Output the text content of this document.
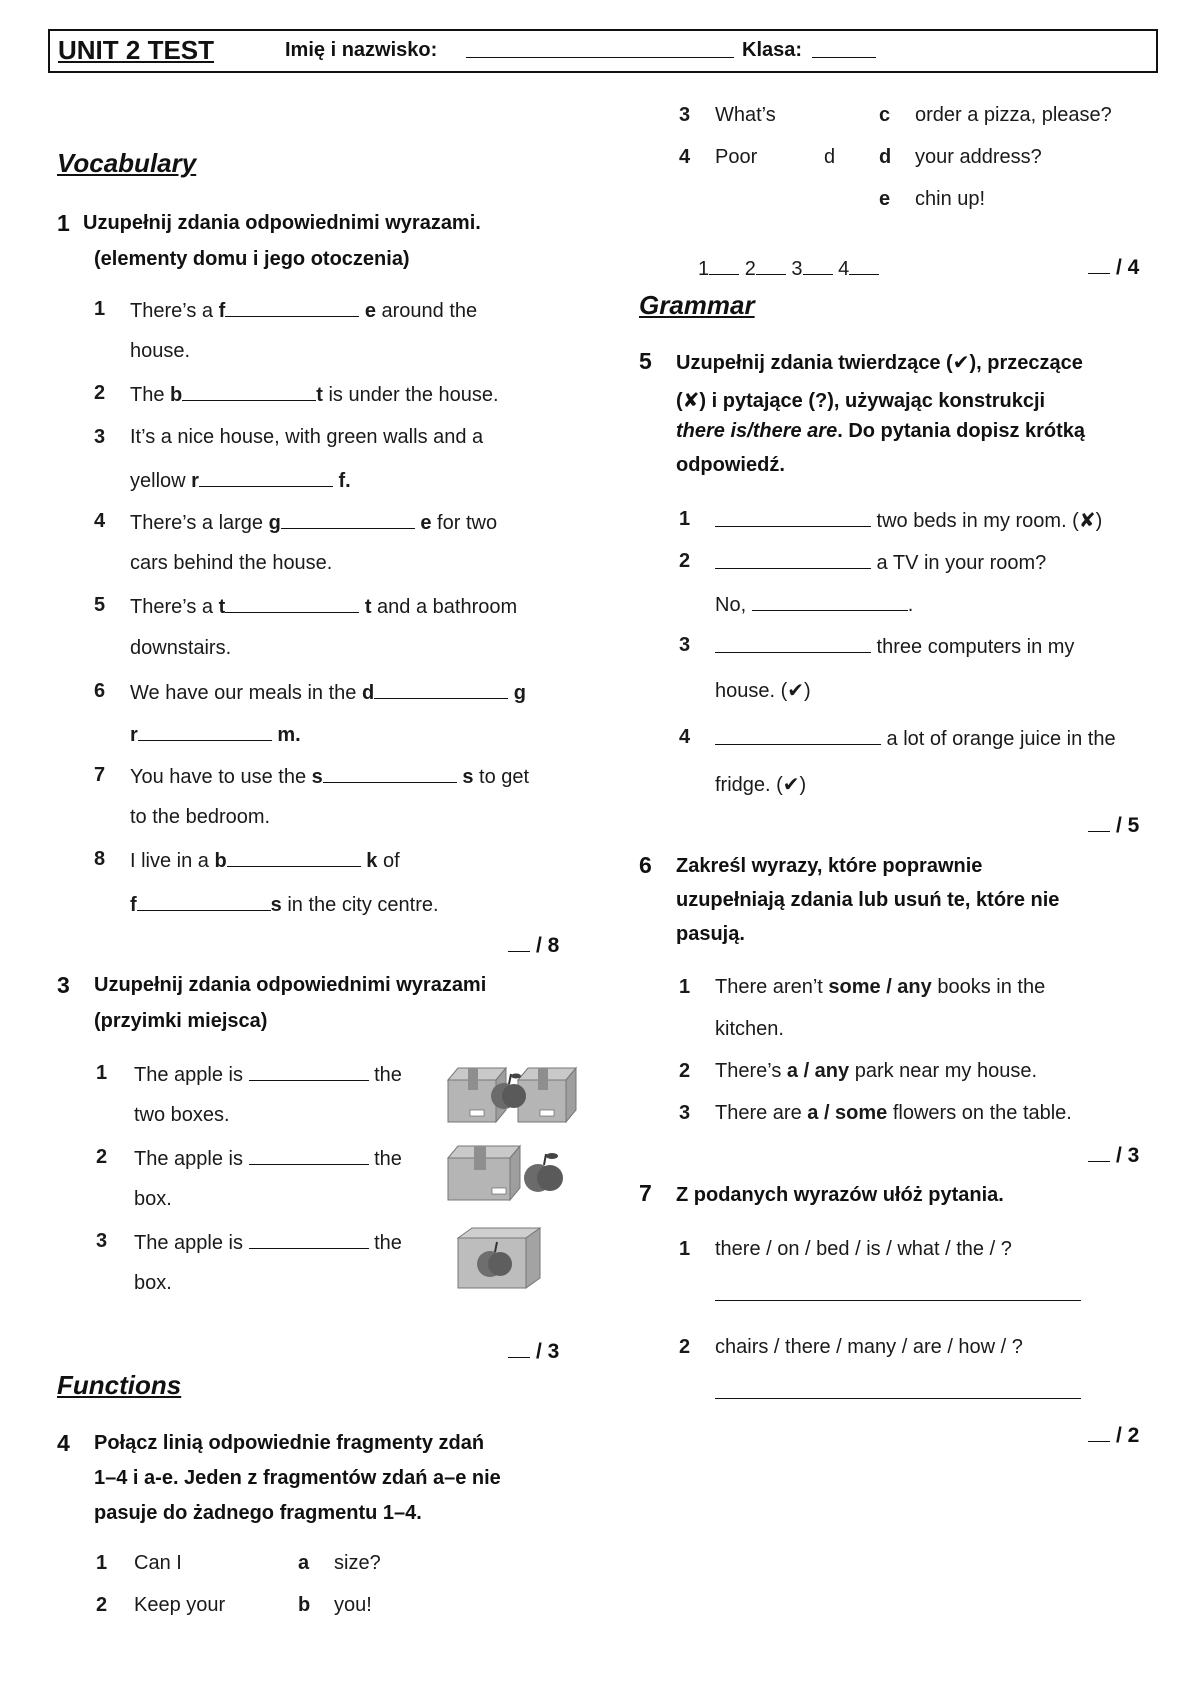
UNIT 2 TEST	Imię i nazwisko:	Klasa:
Vocabulary
1 Uzupełnij zdania odpowiednimi wyrazami.
(elementy domu i jego otoczenia)
1 There’s a f	e around the
house.
2 The b	t is under the house.
3 It’s a nice house, with green walls and a
yellow r	f.
4 There’s a large g	e for two
cars behind the house.
5 There’s a t	t and a bathroom
downstairs.
6 We have our meals in the d	g
r	m.
7 You have to use the s	s to get
to the bedroom.
8 I live in a b	k of
f	s in the city centre.
/ 8
3 Uzupełnij zdania odpowiednimi wyrazami
(przyimki miejsca)
1 The apple is	the
two boxes.
2 The apple is	the
box.
3 The apple is	the
box.
/ 3
Functions
4 Połącz linią odpowiednie fragmenty zdań
1–4 i a-e. Jeden z fragmentów zdań a–e nie
pasuje do żadnego fragmentu 1–4.
1 Can I	a size?
2 Keep your	b you!
3 What’s	c order a pizza, please?
4 Poor	d d your address?
e chin up!
1 2 3 4	/ 4
Grammar
5 Uzupełnij zdania twierdzące (✔), przeczące
(✘) i pytające (?), używając konstrukcji
there is/there are. Do pytania dopisz krótką
odpowiedź.
1	two beds in my room. (✘)
2	a TV in your room?
No,	.
3	three computers in my
house. (✔)
4	a lot of orange juice in the
fridge. (✔)
/ 5
6 Zakreśl wyrazy, które poprawnie
uzupełniają zdania lub usuń te, które nie
pasują.
1 There aren’t some / any books in the
kitchen.
2 There’s a / any park near my house.
3 There are a / some flowers on the table.
/ 3
7 Z podanych wyrazów ułóż pytania.
1 there / on / bed / is / what / the / ?
2 chairs / there / many / are / how / ?
/ 2
